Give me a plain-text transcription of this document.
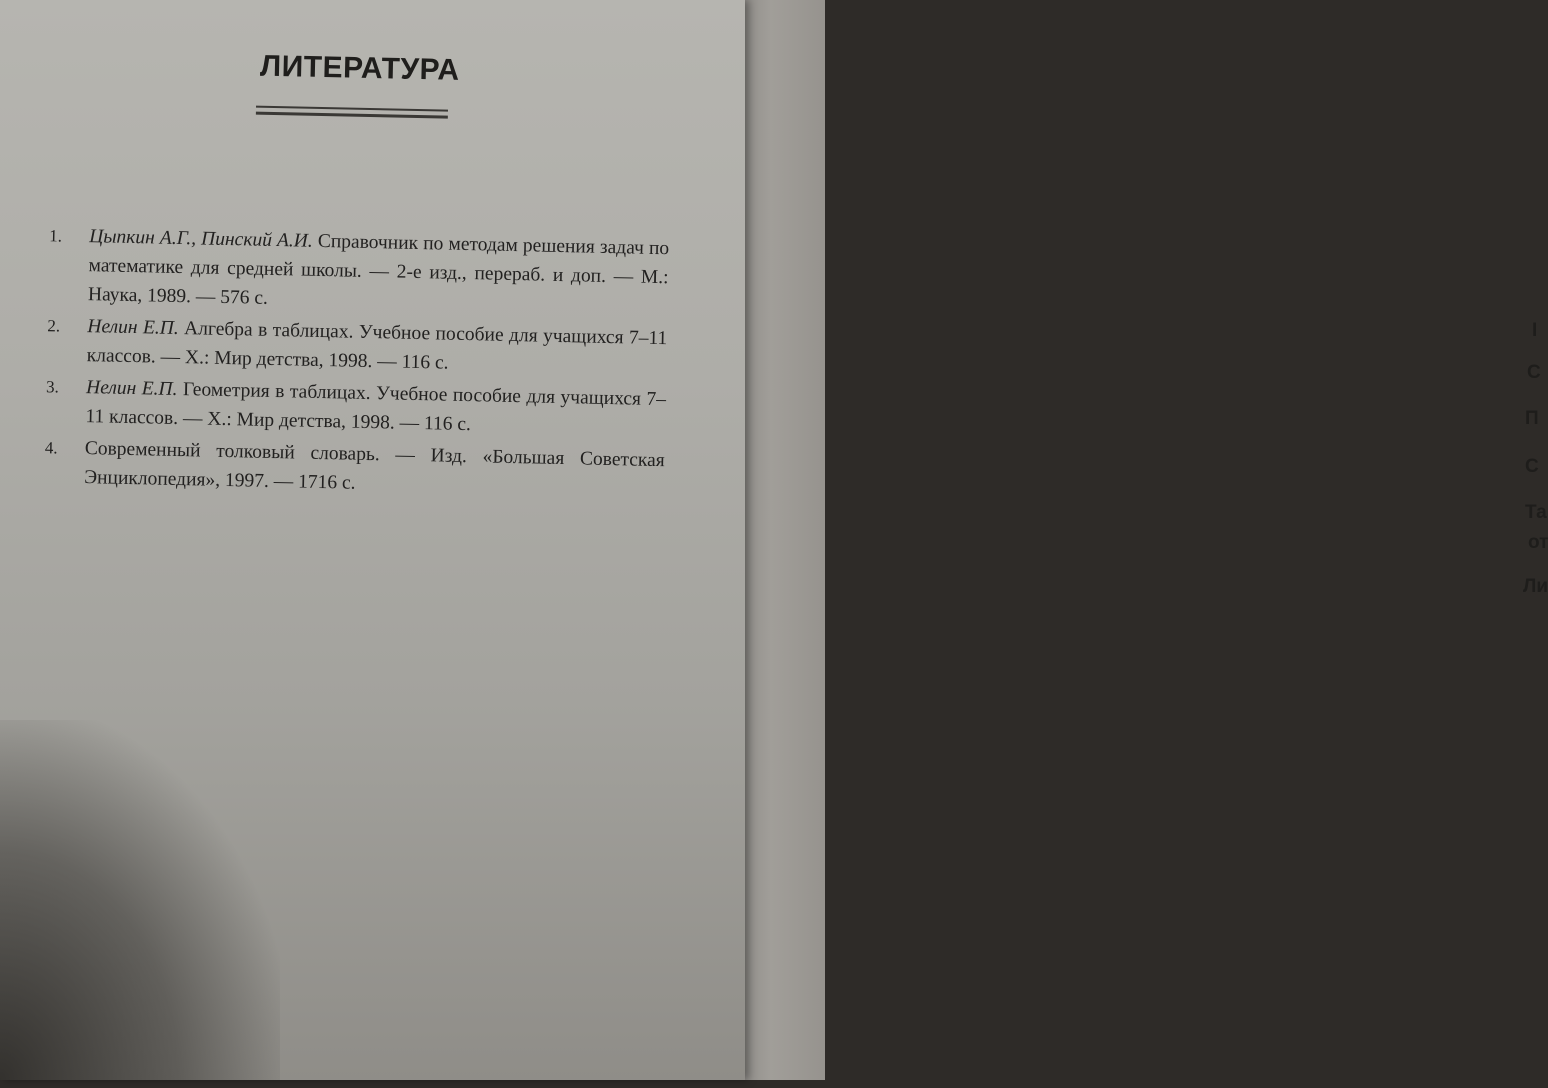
I
С
П
С
Та
от
Ли
ЛИТЕРАТУРА
1. Цыпкин А.Г., Пинский А.И. Справочник по методам решения задач по математике для средней школы. — 2-е изд., перераб. и доп. — М.: Наука, 1989. — 576 с.
2. Нелин Е.П. Алгебра в таблицах. Учебное пособие для учащихся 7–11 классов. — Х.: Мир детства, 1998. — 116 с.
3. Нелин Е.П. Геометрия в таблицах. Учебное пособие для учащихся 7–11 классов. — Х.: Мир детства, 1998. — 116 с.
4. Современный толковый словарь. — Изд. «Большая Советская Энциклопедия», 1997. — 1716 с.
